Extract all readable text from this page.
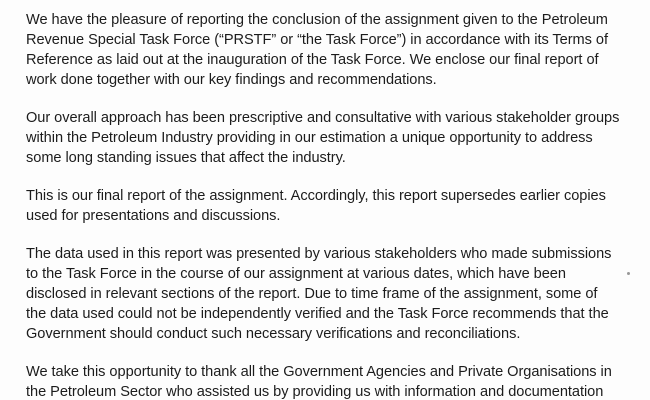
We have the pleasure of reporting the conclusion of the assignment given to the Petroleum
Revenue Special Task Force (“PRSTF” or “the Task Force”) in accordance with its Terms of
Reference as laid out at the inauguration of the Task Force. We enclose our final report of
work done together with our key findings and recommendations.

Our overall approach has been prescriptive and consultative with various stakeholder groups
within the Petroleum Industry providing in our estimation a unique opportunity to address
some long standing issues that affect the industry.

This is our final report of the assignment. Accordingly, this report supersedes earlier copies
used for presentations and discussions.

The data used in this report was presented by various stakeholders who made submissions
to the Task Force in the course of our assignment at various dates, which have been
disclosed in relevant sections of the report. Due to time frame of the assignment, some of
the data used could not be independently verified and the Task Force recommends that the
Government should conduct such necessary verifications and reconciliations.

We take this opportunity to thank all the Government Agencies and Private Organisations in
the Petroleum Sector who assisted us by providing us with information and documentation
